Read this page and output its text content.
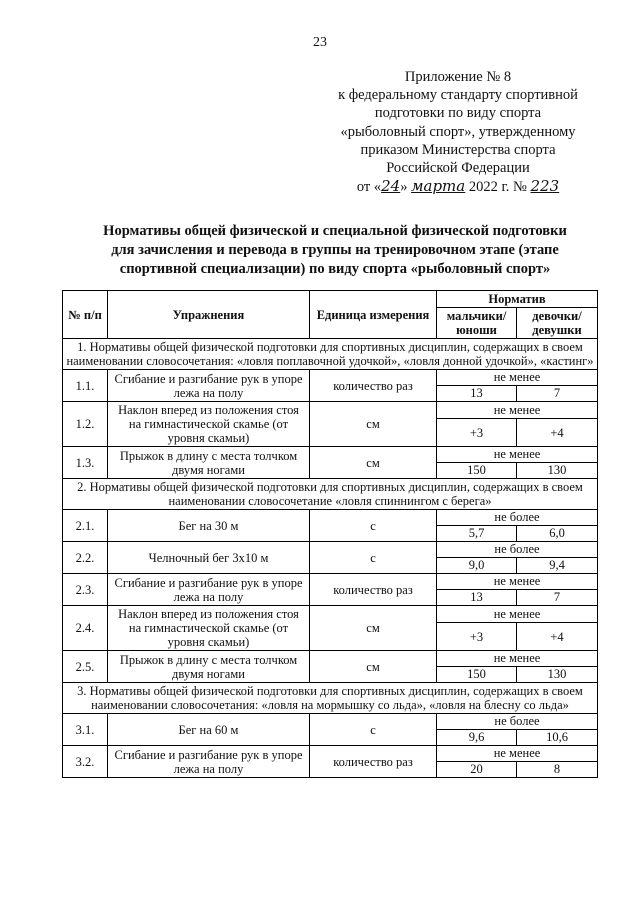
23
Приложение № 8
к федеральному стандарту спортивной
подготовки по виду спорта
«рыболовный спорт», утвержденному
приказом Министерства спорта
Российской Федерации
от «24» марта 2022 г. № 223
Нормативы общей физической и специальной физической подготовки
для зачисления и перевода в группы на тренировочном этапе (этапе
спортивной специализации) по виду спорта «рыболовный спорт»
№ п/п	Упражнения	Единица измерения	Норматив	
			мальчики/ юноши	девочки/ девушки
1. Нормативы общей физической подготовки для спортивных дисциплин, содержащих в своем наименовании словосочетания: «ловля поплавочной удочкой», «ловля донной удочкой», «кастинг»				
1.1.	Сгибание и разгибание рук в упоре лежа на полу	количество раз	не менее	
			13	7
1.2.	Наклон вперед из положения стоя на гимнастической скамье (от уровня скамьи)	см	не менее	
			+3	+4
1.3.	Прыжок в длину с места толчком двумя ногами	см	не менее	
			150	130
2. Нормативы общей физической подготовки для спортивных дисциплин, содержащих в своем наименовании словосочетание «ловля спиннингом с берега»				
2.1.	Бег на 30 м	с	не более	
			5,7	6,0
2.2.	Челночный бег 3х10 м	с	не более	
			9,0	9,4
2.3.	Сгибание и разгибание рук в упоре лежа на полу	количество раз	не менее	
			13	7
2.4.	Наклон вперед из положения стоя на гимнастической скамье (от уровня скамьи)	см	не менее	
			+3	+4
2.5.	Прыжок в длину с места толчком двумя ногами	см	не менее	
			150	130
3. Нормативы общей физической подготовки для спортивных дисциплин, содержащих в своем наименовании словосочетания: «ловля на мормышку со льда», «ловля на блесну со льда»				
3.1.	Бег на 60 м	с	не более	
			9,6	10,6
3.2.	Сгибание и разгибание рук в упоре лежа на полу	количество раз	не менее	
			20	8
